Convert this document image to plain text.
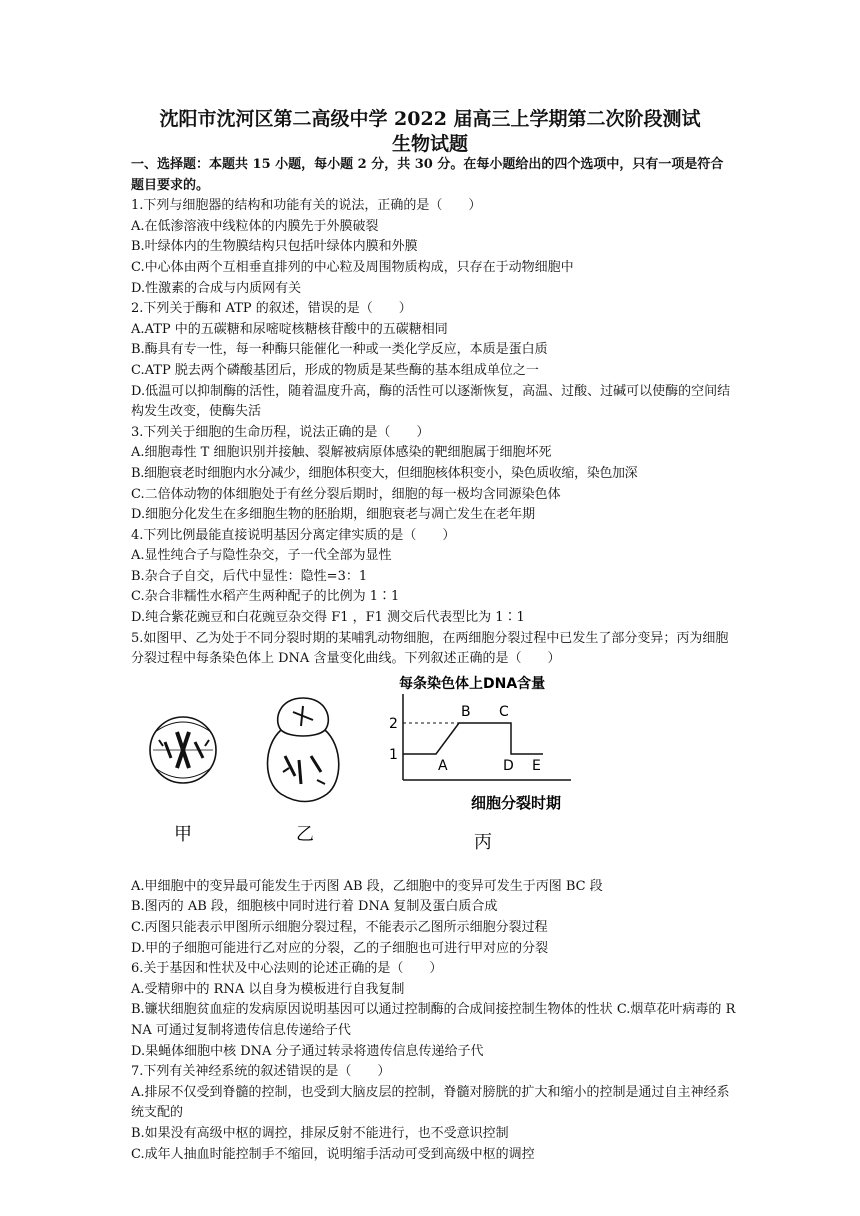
沈阳市沈河区第二高级中学 2022 届高三上学期第二次阶段测试
生物试题

一、选择题：本题共 15 小题，每小题 2 分，共 30 分。在每小题给出的四个选项中，只有一项是符合题目要求的。

1.下列与细胞器的结构和功能有关的说法，正确的是（　　）

A.在低渗溶液中线粒体的内膜先于外膜破裂

B.叶绿体内的生物膜结构只包括叶绿体内膜和外膜

C.中心体由两个互相垂直排列的中心粒及周围物质构成，只存在于动物细胞中

D.性激素的合成与内质网有关

2.下列关于酶和 ATP 的叙述，错误的是（　　）

A.ATP 中的五碳糖和尿嘧啶核糖核苷酸中的五碳糖相同

B.酶具有专一性，每一种酶只能催化一种或一类化学反应，本质是蛋白质

C.ATP 脱去两个磷酸基团后，形成的物质是某些酶的基本组成单位之一

D.低温可以抑制酶的活性，随着温度升高，酶的活性可以逐渐恢复，高温、过酸、过碱可以使酶的空间结构发生改变，使酶失活

3.下列关于细胞的生命历程，说法正确的是（　　）

A.细胞毒性 T 细胞识别并接触、裂解被病原体感染的靶细胞属于细胞坏死

B.细胞衰老时细胞内水分减少，细胞体积变大，但细胞核体积变小，染色质收缩，染色加深

C.二倍体动物的体细胞处于有丝分裂后期时，细胞的每一极均含同源染色体

D.细胞分化发生在多细胞生物的胚胎期，细胞衰老与凋亡发生在老年期

4.下列比例最能直接说明基因分离定律实质的是（　　）

A.显性纯合子与隐性杂交，子一代全部为显性

B.杂合子自交，后代中显性：隐性=3：1

C.杂合非糯性水稻产生两种配子的比例为 1∶1

D.纯合紫花豌豆和白花豌豆杂交得 F1 ，F1 测交后代表型比为 1∶1

5.如图甲、乙为处于不同分裂时期的某哺乳动物细胞，在两细胞分裂过程中已发生了部分变异；丙为细胞分裂过程中每条染色体上 DNA 含量变化曲线。下列叙述正确的是（　　）

甲	乙
每条染色体上DNA含量
2
1
A
B C
D E
细胞分裂时期
丙

A.甲细胞中的变异最可能发生于丙图 AB 段，乙细胞中的变异可发生于丙图 BC 段

B.图丙的 AB 段，细胞核中同时进行着 DNA 复制及蛋白质合成

C.丙图只能表示甲图所示细胞分裂过程，不能表示乙图所示细胞分裂过程

D.甲的子细胞可能进行乙对应的分裂，乙的子细胞也可进行甲对应的分裂

6.关于基因和性状及中心法则的论述正确的是（　　）

A.受精卵中的 RNA 以自身为模板进行自我复制

B.镰状细胞贫血症的发病原因说明基因可以通过控制酶的合成间接控制生物体的性状 C.烟草花叶病毒的 RNA 可通过复制将遗传信息传递给子代

D.果蝇体细胞中核 DNA 分子通过转录将遗传信息传递给子代

7.下列有关神经系统的叙述错误的是（　　）

A.排尿不仅受到脊髓的控制，也受到大脑皮层的控制，脊髓对膀胱的扩大和缩小的控制是通过自主神经系统支配的

B.如果没有高级中枢的调控，排尿反射不能进行，也不受意识控制

C.成年人抽血时能控制手不缩回，说明缩手活动可受到高级中枢的调控
